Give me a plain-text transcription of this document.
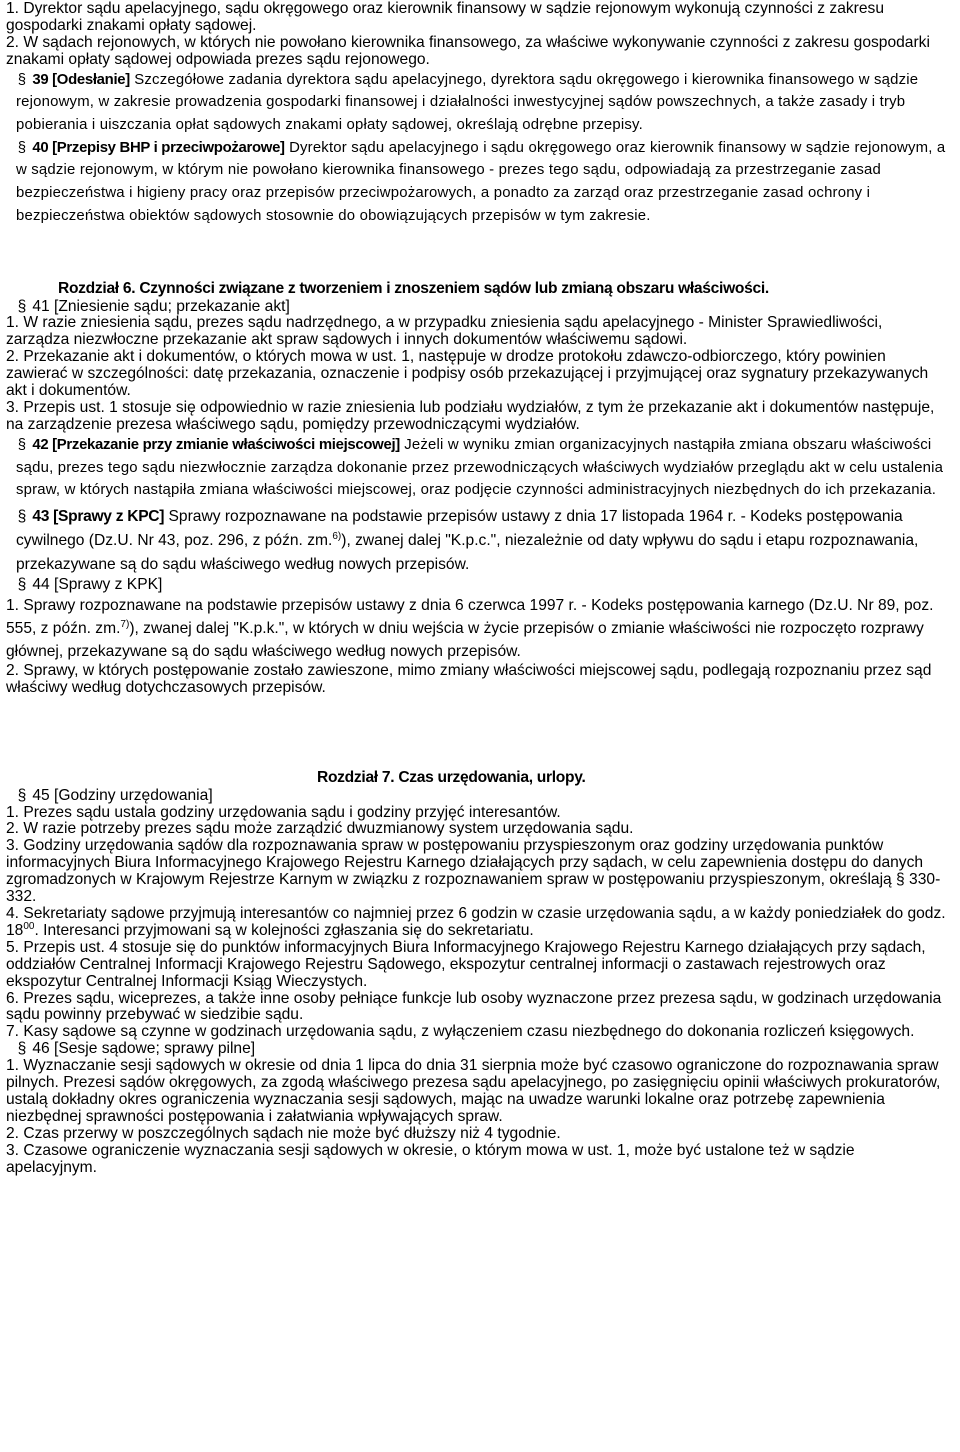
1. Dyrektor sądu apelacyjnego, sądu okręgowego oraz kierownik finansowy w sądzie rejonowym wykonują czynności z zakresu gospodarki znakami opłaty sądowej.

2. W sądach rejonowych, w których nie powołano kierownika finansowego, za właściwe wykonywanie czynności z zakresu gospodarki znakami opłaty sądowej odpowiada prezes sądu rejonowego.

§ 39 [Odesłanie] Szczegółowe zadania dyrektora sądu apelacyjnego, dyrektora sądu okręgowego i kierownika finansowego w sądzie rejonowym, w zakresie prowadzenia gospodarki finansowej i działalności inwestycyjnej sądów powszechnych, a także zasady i tryb pobierania i uiszczania opłat sądowych znakami opłaty sądowej, określają odrębne przepisy.

§ 40 [Przepisy BHP i przeciwpożarowe] Dyrektor sądu apelacyjnego i sądu okręgowego oraz kierownik finansowy w sądzie rejonowym, a w sądzie rejonowym, w którym nie powołano kierownika finansowego - prezes tego sądu, odpowiadają za przestrzeganie zasad bezpieczeństwa i higieny pracy oraz przepisów przeciwpożarowych, a ponadto za zarząd oraz przestrzeganie zasad ochrony i bezpieczeństwa obiektów sądowych stosownie do obowiązujących przepisów w tym zakresie.

Rozdział 6. Czynności związane z tworzeniem i znoszeniem sądów lub zmianą obszaru właściwości.

§ 41 [Zniesienie sądu; przekazanie akt]

1. W razie zniesienia sądu, prezes sądu nadrzędnego, a w przypadku zniesienia sądu apelacyjnego - Minister Sprawiedliwości, zarządza niezwłoczne przekazanie akt spraw sądowych i innych dokumentów właściwemu sądowi.

2. Przekazanie akt i dokumentów, o których mowa w ust. 1, następuje w drodze protokołu zdawczo-odbiorczego, który powinien zawierać w szczególności: datę przekazania, oznaczenie i podpisy osób przekazującej i przyjmującej oraz sygnatury przekazywanych akt i dokumentów.

3. Przepis ust. 1 stosuje się odpowiednio w razie zniesienia lub podziału wydziałów, z tym że przekazanie akt i dokumentów następuje, na zarządzenie prezesa właściwego sądu, pomiędzy przewodniczącymi wydziałów.

§ 42 [Przekazanie przy zmianie właściwości miejscowej] Jeżeli w wyniku zmian organizacyjnych nastąpiła zmiana obszaru właściwości sądu, prezes tego sądu niezwłocznie zarządza dokonanie przez przewodniczących właściwych wydziałów przeglądu akt w celu ustalenia spraw, w których nastąpiła zmiana właściwości miejscowej, oraz podjęcie czynności administracyjnych niezbędnych do ich przekazania.

§ 43 [Sprawy z KPC] Sprawy rozpoznawane na podstawie przepisów ustawy z dnia 17 listopada 1964 r. - Kodeks postępowania cywilnego (Dz.U. Nr 43, poz. 296, z późn. zm.$^{6)}$), zwanej dalej "K.p.c.", niezależnie od daty wpływu do sądu i etapu rozpoznawania, przekazywane są do sądu właściwego według nowych przepisów.

§ 44 [Sprawy z KPK]

1. Sprawy rozpoznawane na podstawie przepisów ustawy z dnia 6 czerwca 1997 r. - Kodeks postępowania karnego (Dz.U. Nr 89, poz. 555, z późn. zm.$^{7)}$), zwanej dalej "K.p.k.", w których w dniu wejścia w życie przepisów o zmianie właściwości nie rozpoczęto rozprawy głównej, przekazywane są do sądu właściwego według nowych przepisów.

2. Sprawy, w których postępowanie zostało zawieszone, mimo zmiany właściwości miejscowej sądu, podlegają rozpoznaniu przez sąd właściwy według dotychczasowych przepisów.

Rozdział 7. Czas urzędowania, urlopy.

§ 45 [Godziny urzędowania]

1. Prezes sądu ustala godziny urzędowania sądu i godziny przyjęć interesantów.

2. W razie potrzeby prezes sądu może zarządzić dwuzmianowy system urzędowania sądu.

3. Godziny urzędowania sądów dla rozpoznawania spraw w postępowaniu przyspieszonym oraz godziny urzędowania punktów informacyjnych Biura Informacyjnego Krajowego Rejestru Karnego działających przy sądach, w celu zapewnienia dostępu do danych zgromadzonych w Krajowym Rejestrze Karnym w związku z rozpoznawaniem spraw w postępowaniu przyspieszonym, określają § 330-332.

4. Sekretariaty sądowe przyjmują interesantów co najmniej przez 6 godzin w czasie urzędowania sądu, a w każdy poniedziałek do godz. $18^{00}$. Interesanci przyjmowani są w kolejności zgłaszania się do sekretariatu.

5. Przepis ust. 4 stosuje się do punktów informacyjnych Biura Informacyjnego Krajowego Rejestru Karnego działających przy sądach, oddziałów Centralnej Informacji Krajowego Rejestru Sądowego, ekspozytur centralnej informacji o zastawach rejestrowych oraz ekspozytur Centralnej Informacji Ksiąg Wieczystych.

6. Prezes sądu, wiceprezes, a także inne osoby pełniące funkcje lub osoby wyznaczone przez prezesa sądu, w godzinach urzędowania sądu powinny przebywać w siedzibie sądu.

7. Kasy sądowe są czynne w godzinach urzędowania sądu, z wyłączeniem czasu niezbędnego do dokonania rozliczeń księgowych.

§ 46 [Sesje sądowe; sprawy pilne]

1. Wyznaczanie sesji sądowych w okresie od dnia 1 lipca do dnia 31 sierpnia może być czasowo ograniczone do rozpoznawania spraw pilnych. Prezesi sądów okręgowych, za zgodą właściwego prezesa sądu apelacyjnego, po zasięgnięciu opinii właściwych prokuratorów, ustalą dokładny okres ograniczenia wyznaczania sesji sądowych, mając na uwadze warunki lokalne oraz potrzebę zapewnienia niezbędnej sprawności postępowania i załatwiania wpływających spraw.

2. Czas przerwy w poszczególnych sądach nie może być dłuższy niż 4 tygodnie.

3. Czasowe ograniczenie wyznaczania sesji sądowych w okresie, o którym mowa w ust. 1, może być ustalone też w sądzie apelacyjnym.
